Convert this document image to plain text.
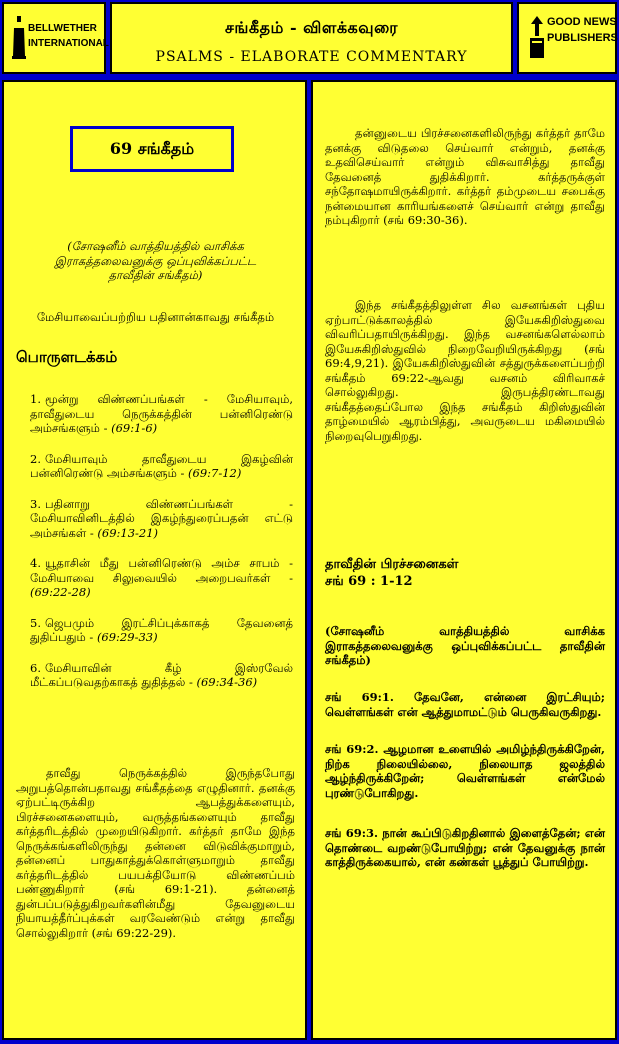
BELLWETHER
INTERNATIONAL
சங்கீதம் - விளக்கவுரை
PSALMS - ELABORATE COMMENTARY
GOOD NEWS
PUBLISHERS
69 சங்கீதம்
(சோஷனீம் வாத்தியத்தில் வாசிக்க இராகத்தலைவனுக்கு ஒப்புவிக்கப்பட்ட தாவீதின் சங்கீதம்)
மேசியாவைப்பற்றிய பதினான்காவது சங்கீதம்
பொருளடக்கம்
1. மூன்று விண்ணப்பங்கள் - மேசியாவும், தாவீதுடைய நெருக்கத்தின் பன்னிரெண்டு அம்சங்களும் - (69:1-6)
2. மேசியாவும் தாவீதுடைய இகழ்வின் பன்னிரெண்டு அம்சங்களும் - (69:7-12)
3. பதினாறு விண்ணப்பங்கள் - மேசியாவினிடத்தில் இகழ்ந்துரைப்பதன் எட்டு அம்சங்கள் - (69:13-21)
4. யூதாசின் மீது பன்னிரெண்டு அம்ச சாபம் - மேசியாவை சிலுவையில் அறைபவர்கள் - (69:22-28)
5. ஜெபமும் இரட்சிப்புக்காகத் தேவனைத் துதிப்பதும் - (69:29-33)
6. மேசியாவின் கீழ் இஸ்ரவேல் மீட்கப்படுவதற்காகத் துதித்தல் - (69:34-36)
தாவீது நெருக்கத்தில் இருந்தபோது அறுபத்தொன்பதாவது சங்கீதத்தை எழுதினார். தனக்கு ஏற்பட்டிருக்கிற ஆபத்துக்களையும், பிரச்சனைகளையும், வருத்தங்களையும் தாவீது கர்த்தரிடத்தில் முறையிடுகிறார். கர்த்தர் தாமே இந்த நெருக்கங்களிலிருந்து தன்னை விடுவிக்குமாறும், தன்னைப் பாதுகாத்துக்கொள்ளுமாறும் தாவீது கர்த்தரிடத்தில் பயபக்தியோடு விண்ணப்பம் பண்ணுகிறார் (சங் 69:1-21). தன்னைத் துன்பப்படுத்துகிறவர்களின்மீது தேவனுடைய நியாயத்தீர்ப்புக்கள் வரவேண்டும் என்று தாவீது சொல்லுகிறார் (சங் 69:22-29).
தன்னுடைய பிரச்சனைகளிலிருந்து கர்த்தர் தாமே தனக்கு விடுதலை செய்வார் என்றும், தனக்கு உதவிசெய்வார் என்றும் விசுவாசித்து தாவீது தேவனைத் துதிக்கிறார். கர்த்தருக்குள் சந்தோஷமாயிருக்கிறார். கர்த்தர் தம்முடைய சபைக்கு நன்மையான காரியங்களைச் செய்வார் என்று தாவீது நம்புகிறார் (சங் 69:30-36).
இந்த சங்கீதத்திலுள்ள சில வசனங்கள் புதிய ஏற்பாட்டுக்காலத்தில் இயேசுகிறிஸ்துவை விவரிப்பதாயிருக்கிறது. இந்த வசனங்களெல்லாம் இயேசுகிறிஸ்துவில் நிறைவேறியிருக்கிறது (சங் 69:4,9,21). இயேசுகிறிஸ்துவின் சத்துருக்களைப்பற்றி சங்கீதம் 69:22-ஆவது வசனம் விரிவாகச் சொல்லுகிறது. இருபத்திரண்டாவது சங்கீதத்தைப்போல இந்த சங்கீதம் கிறிஸ்துவின் தாழ்மையில் ஆரம்பித்து, அவருடைய மகிமையில் நிறைவுபெறுகிறது.
தாவீதின் பிரச்சனைகள்
சங் 69 : 1-12
(சோஷனீம் வாத்தியத்தில் வாசிக்க இராகத்தலைவனுக்கு ஒப்புவிக்கப்பட்ட தாவீதின் சங்கீதம்)
சங் 69:1. தேவனே, என்னை இரட்சியும்; வெள்ளங்கள் என் ஆத்துமாமட்டும் பெருகிவருகிறது.
சங் 69:2. ஆழமான உளையில் அமிழ்ந்திருக்கிறேன், நிற்க நிலையில்லை, நிலையாத ஜலத்தில் ஆழ்ந்திருக்கிறேன்; வெள்ளங்கள் என்மேல் புரண்டுபோகிறது.
சங் 69:3. நான் கூப்பிடுகிறதினால் இளைத்தேன்; என் தொண்டை வறண்டுபோயிற்று; என் தேவனுக்கு நான் காத்திருக்கையால், என் கண்கள் பூத்துப் போயிற்று.
